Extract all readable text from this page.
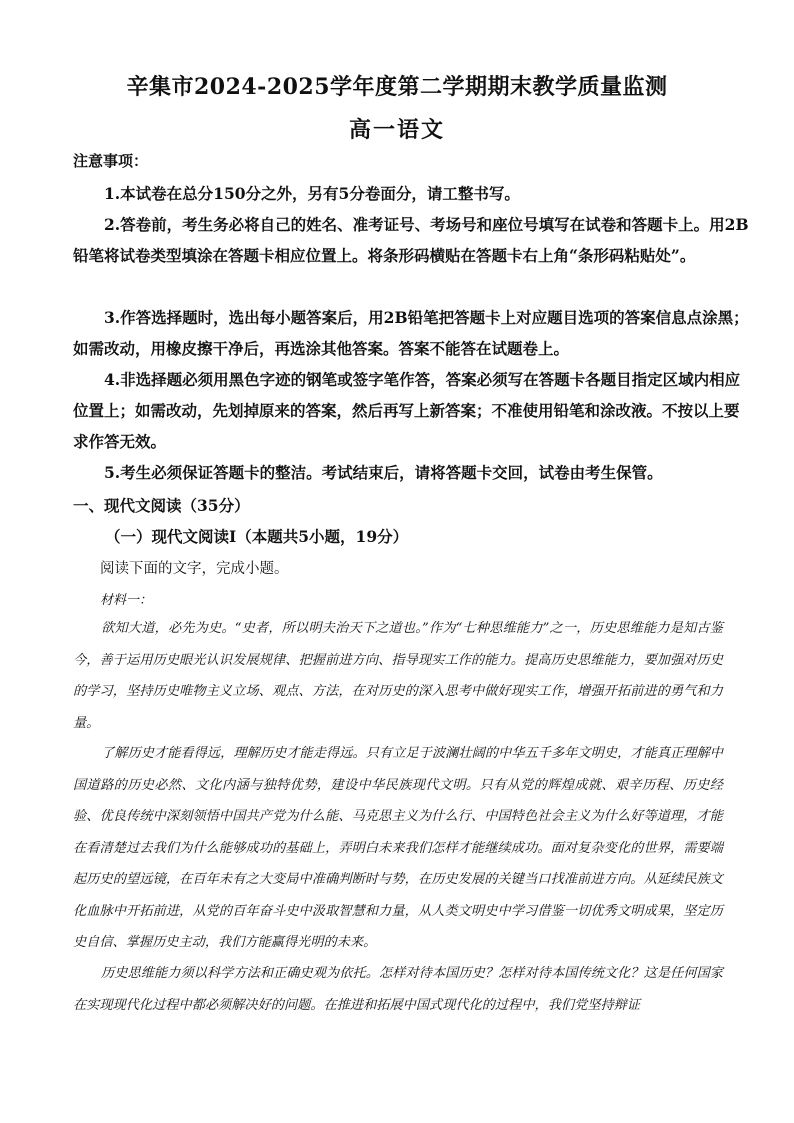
辛集市2024-2025学年度第二学期期末教学质量监测
高一语文
注意事项：
1.本试卷在总分150分之外，另有5分卷面分，请工整书写。
2.答卷前，考生务必将自己的姓名、准考证号、考场号和座位号填写在试卷和答题卡上。用2B铅笔将试卷类型填涂在答题卡相应位置上。将条形码横贴在答题卡右上角“条形码粘贴处”。
3.作答选择题时，选出每小题答案后，用2B铅笔把答题卡上对应题目选项的答案信息点涂黑；如需改动，用橡皮擦干净后，再选涂其他答案。答案不能答在试题卷上。
4.非选择题必须用黑色字迹的钢笔或签字笔作答，答案必须写在答题卡各题目指定区域内相应位置上；如需改动，先划掉原来的答案，然后再写上新答案；不准使用铅笔和涂改液。不按以上要求作答无效。
5.考生必须保证答题卡的整洁。考试结束后，请将答题卡交回，试卷由考生保管。
一、现代文阅读（35分）
（一）现代文阅读I（本题共5小题，19分）
阅读下面的文字，完成小题。
材料一：
欲知大道，必先为史。“史者，所以明夫治天下之道也。”作为“七种思维能力”之一，历史思维能力是知古鉴今，善于运用历史眼光认识发展规律、把握前进方向、指导现实工作的能力。提高历史思维能力，要加强对历史的学习，坚持历史唯物主义立场、观点、方法，在对历史的深入思考中做好现实工作，增强开拓前进的勇气和力量。
了解历史才能看得远，理解历史才能走得远。只有立足于波澜壮阔的中华五千多年文明史，才能真正理解中国道路的历史必然、文化内涵与独特优势，建设中华民族现代文明。只有从党的辉煌成就、艰辛历程、历史经验、优良传统中深刻领悟中国共产党为什么能、马克思主义为什么行、中国特色社会主义为什么好等道理，才能在看清楚过去我们为什么能够成功的基础上，弄明白未来我们怎样才能继续成功。面对复杂变化的世界，需要端起历史的望远镜，在百年未有之大变局中准确判断时与势，在历史发展的关键当口找准前进方向。从延续民族文化血脉中开拓前进，从党的百年奋斗史中汲取智慧和力量，从人类文明史中学习借鉴一切优秀文明成果，坚定历史自信、掌握历史主动，我们方能赢得光明的未来。
历史思维能力须以科学方法和正确史观为依托。怎样对待本国历史？怎样对待本国传统文化？这是任何国家在实现现代化过程中都必须解决好的问题。在推进和拓展中国式现代化的过程中，我们党坚持辩证
